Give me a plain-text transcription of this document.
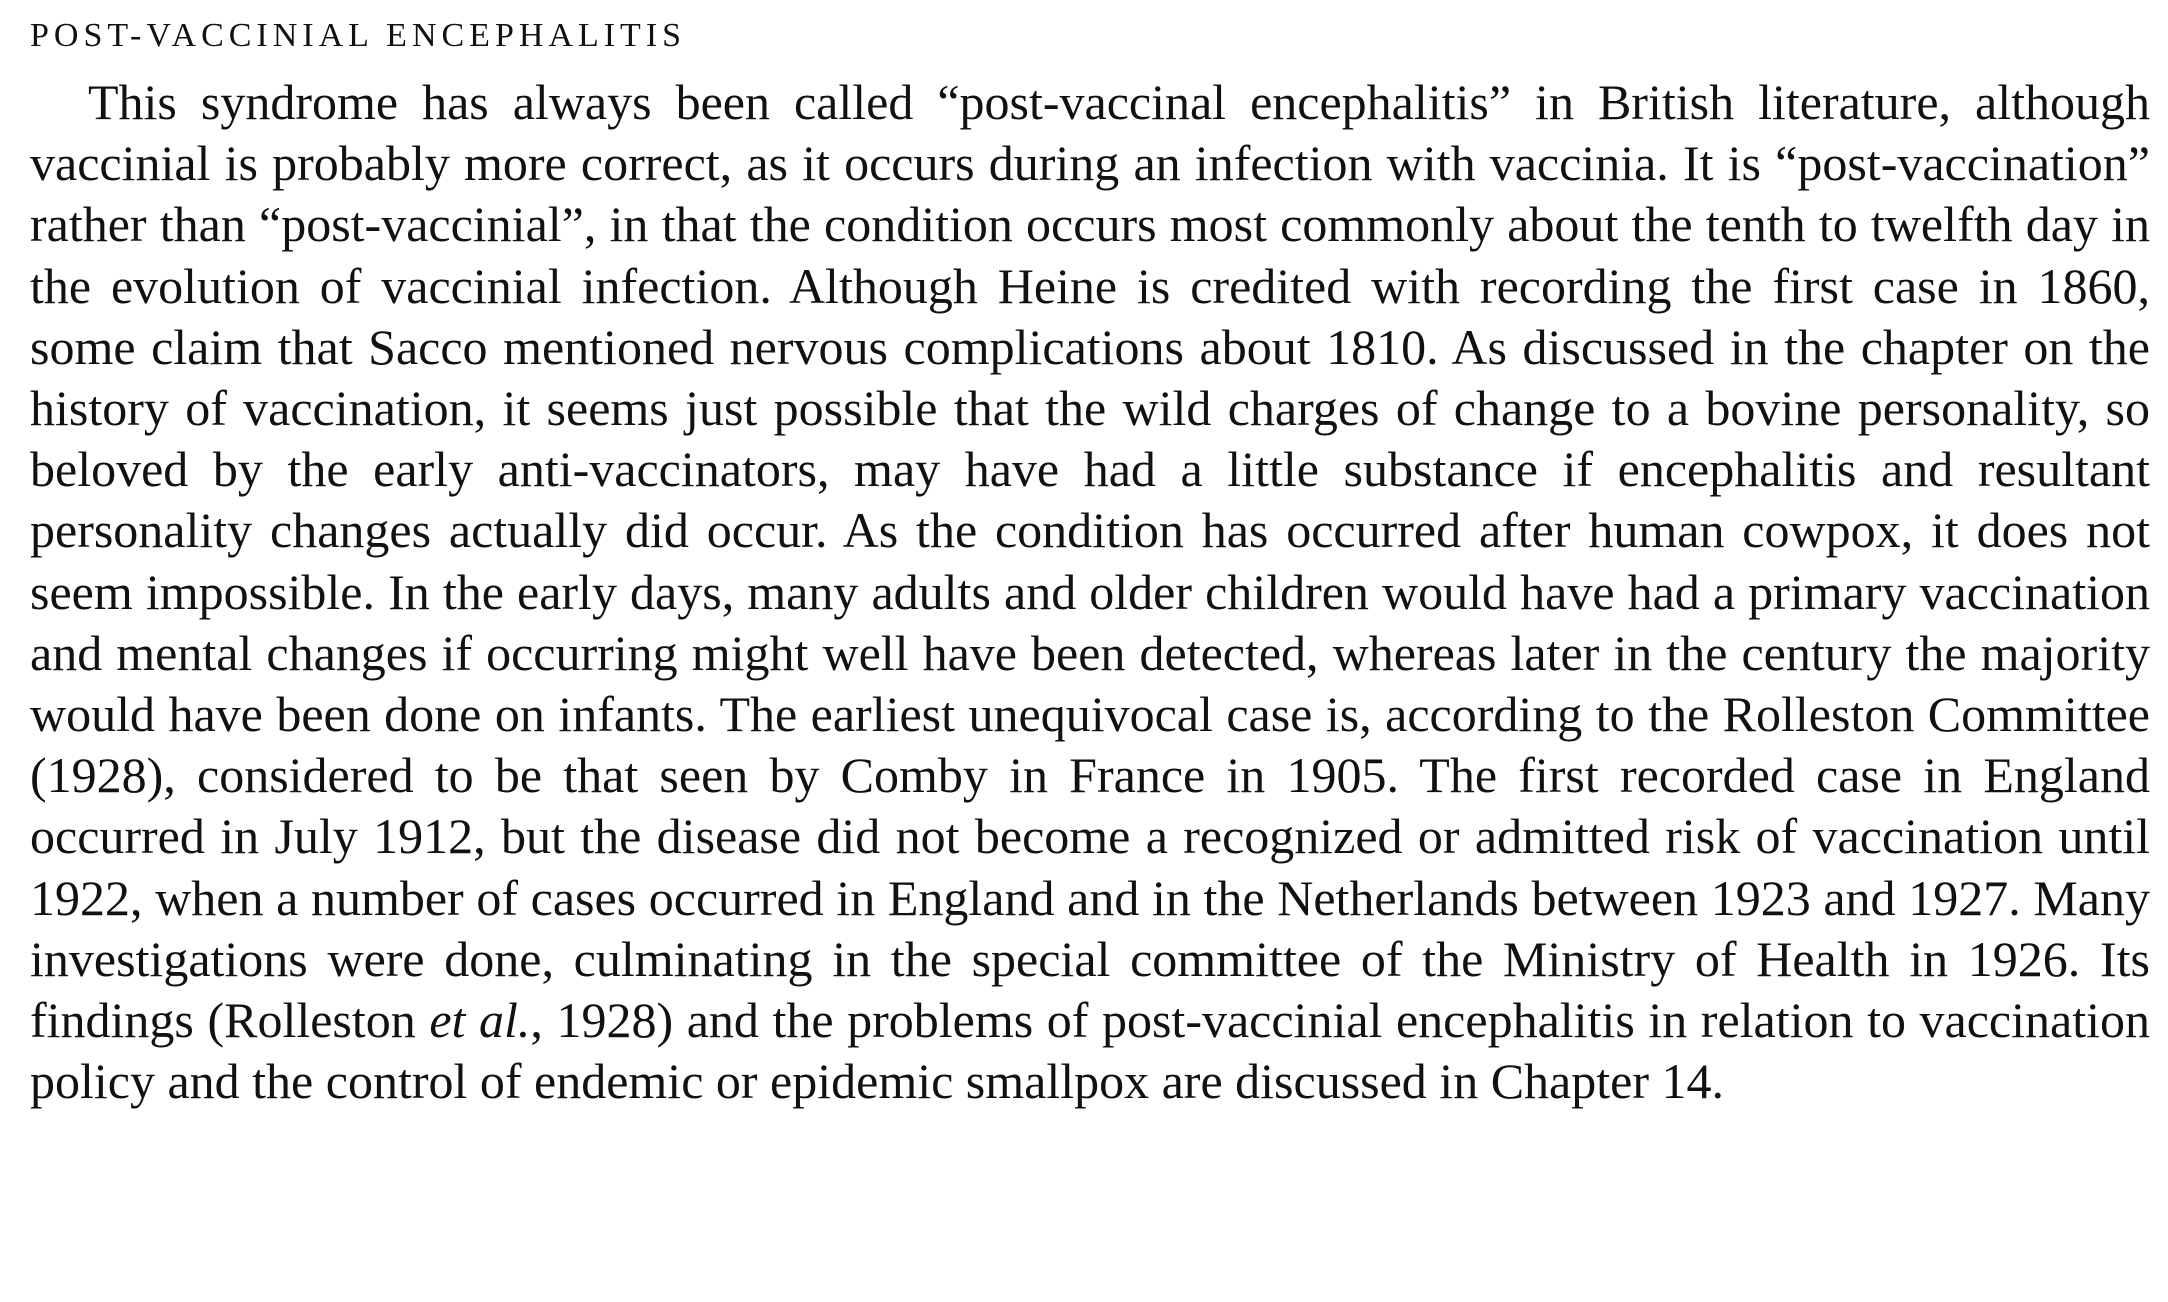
POST-VACCINIAL ENCEPHALITIS

This syndrome has always been called “post-vaccinal encephalitis” in British literature, although vaccinial is probably more correct, as it occurs during an infection with vaccinia. It is “post-vaccination” rather than “post-vaccinial”, in that the condition occurs most commonly about the tenth to twelfth day in the evolution of vaccinial infection. Although Heine is credited with recording the first case in 1860, some claim that Sacco mentioned nervous complications about 1810. As discussed in the chapter on the history of vaccination, it seems just possible that the wild charges of change to a bovine personality, so beloved by the early anti-vaccinators, may have had a little substance if encephalitis and resultant personality changes actually did occur. As the condition has occurred after human cowpox, it does not seem impossible. In the early days, many adults and older children would have had a primary vaccination and mental changes if occurring might well have been detected, whereas later in the century the majority would have been done on infants. The earliest unequivocal case is, according to the Rolleston Committee (1928), considered to be that seen by Comby in France in 1905. The first recorded case in England occurred in July 1912, but the disease did not become a recognized or admitted risk of vaccination until 1922, when a number of cases occurred in England and in the Netherlands between 1923 and 1927. Many investigations were done, culminating in the special committee of the Ministry of Health in 1926. Its findings (Rolleston et al., 1928) and the problems of post-vaccinial encephalitis in relation to vaccination policy and the control of endemic or epidemic smallpox are discussed in Chapter 14.
